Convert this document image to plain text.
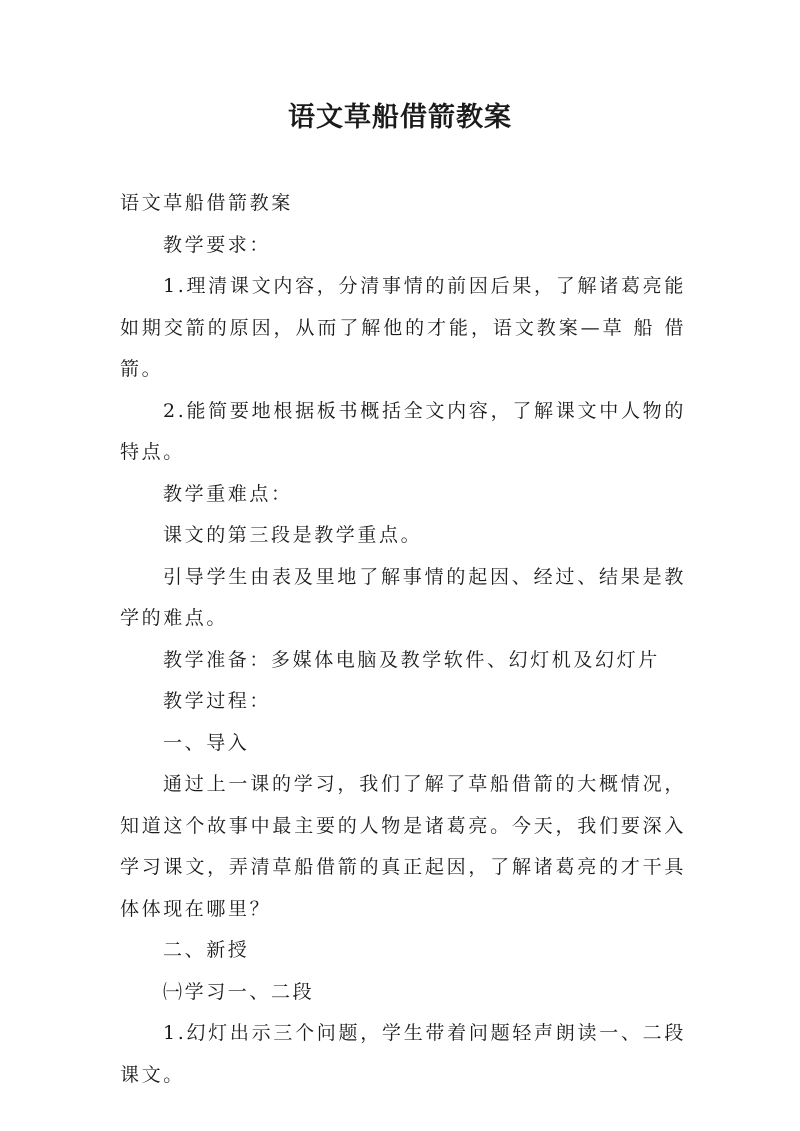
语文草船借箭教案

语文草船借箭教案

教学要求：

1.理清课文内容，分清事情的前因后果，了解诸葛亮能如期交箭的原因，从而了解他的才能，语文教案—草 船 借箭。

2.能简要地根据板书概括全文内容，了解课文中人物的特点。

教学重难点：

课文的第三段是教学重点。

引导学生由表及里地了解事情的起因、经过、结果是教学的难点。

教学准备：多媒体电脑及教学软件、幻灯机及幻灯片

教学过程：

一、导入

通过上一课的学习，我们了解了草船借箭的大概情况，知道这个故事中最主要的人物是诸葛亮。今天，我们要深入学习课文，弄清草船借箭的真正起因，了解诸葛亮的才干具体体现在哪里？

二、新授

㈠学习一、二段

1.幻灯出示三个问题，学生带着问题轻声朗读一、二段课文。
